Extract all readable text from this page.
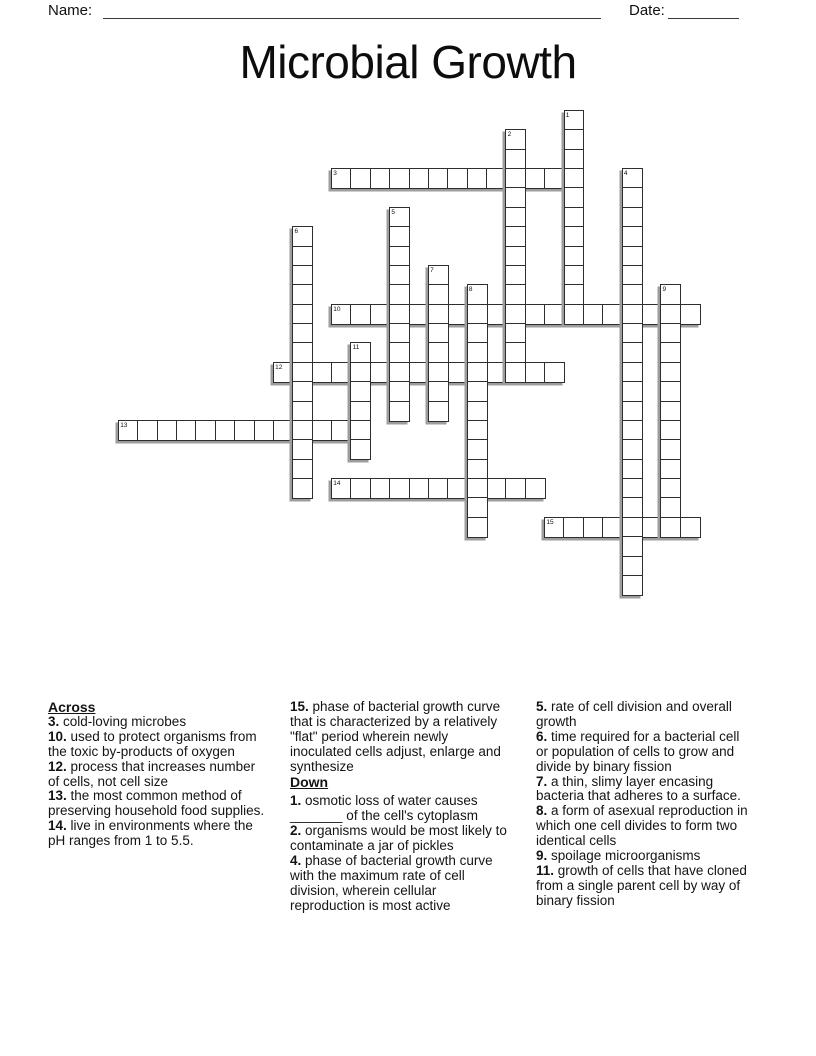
Name:	Date:
Microbial Growth
1
2
3	4
5
6
7
8	9
10
11
12
13
14
15
Across

3. cold-loving microbes

10. used to protect organisms from the toxic by-products of oxygen

12. process that increases number of cells, not cell size

13. the most common method of preserving household food supplies.

14. live in environments where the pH ranges from 1 to 5.5.

15. phase of bacterial growth curve that is characterized by a relatively "flat" period wherein newly inoculated cells adjust, enlarge and synthesize

Down

1. osmotic loss of water causes _______ of the cell's cytoplasm

2. organisms would be most likely to contaminate a jar of pickles

4. phase of bacterial growth curve with the maximum rate of cell division, wherein cellular reproduction is most active

5. rate of cell division and overall growth

6. time required for a bacterial cell or population of cells to grow and divide by binary fission

7. a thin, slimy layer encasing bacteria that adheres to a surface.

8. a form of asexual reproduction in which one cell divides to form two identical cells

9. spoilage microorganisms

11. growth of cells that have cloned from a single parent cell by way of binary fission
